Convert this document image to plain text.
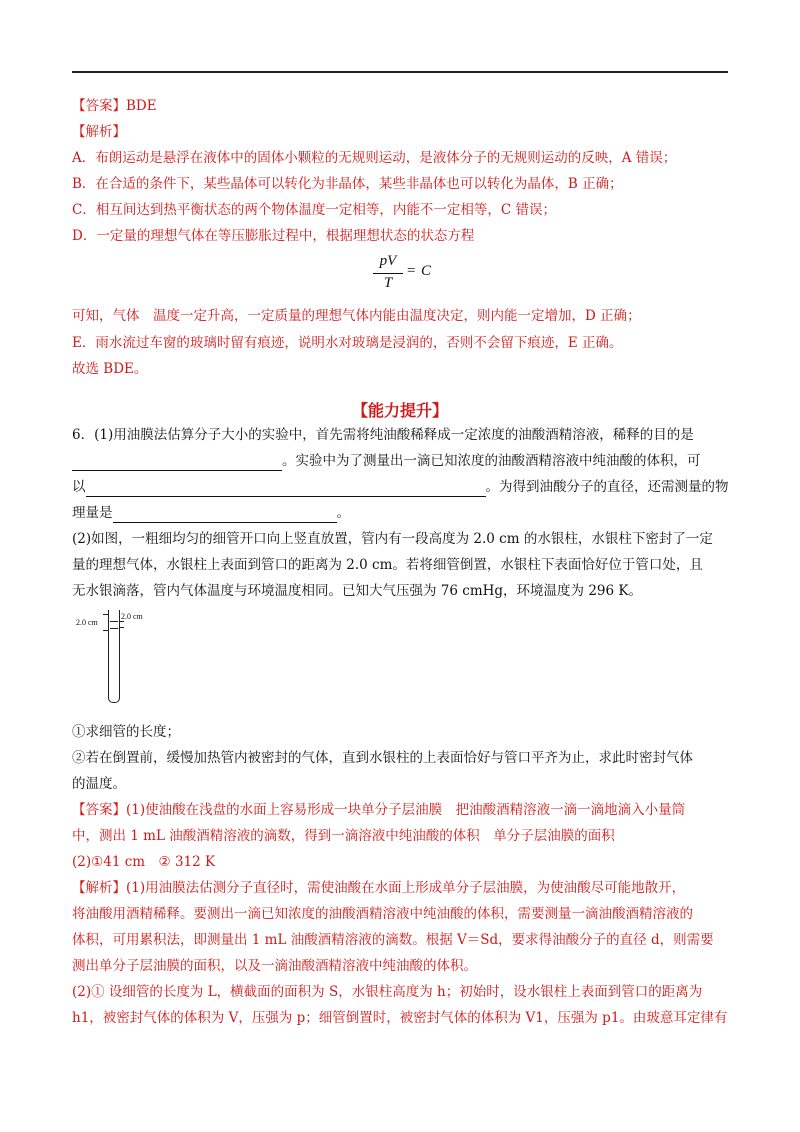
【答案】BDE
【解析】
A．布朗运动是悬浮在液体中的固体小颗粒的无规则运动，是液体分子的无规则运动的反映，A 错误；
B．在合适的条件下，某些晶体可以转化为非晶体，某些非晶体也可以转化为晶体，B 正确；
C．相互间达到热平衡状态的两个物体温度一定相等，内能不一定相等，C 错误；
D．一定量的理想气体在等压膨胀过程中，根据理想状态的状态方程
pV
T
= C
可知，气体　温度一定升高，一定质量的理想气体内能由温度决定，则内能一定增加，D 正确；
E．雨水流过车窗的玻璃时留有痕迹，说明水对玻璃是浸润的，否则不会留下痕迹，E 正确。
故选 BDE。
【能力提升】
6．(1)用油膜法估算分子大小的实验中，首先需将纯油酸稀释成一定浓度的油酸酒精溶液，稀释的目的是
。实验中为了测量出一滴已知浓度的油酸酒精溶液中纯油酸的体积，可
以	。为得到油酸分子的直径，还需测量的物
理量是	。
(2)如图，一粗细均匀的细管开口向上竖直放置，管内有一段高度为 2.0 cm 的水银柱，水银柱下密封了一定
量的理想气体，水银柱上表面到管口的距离为 2.0 cm。若将细管倒置，水银柱下表面恰好位于管口处，且
无水银滴落，管内气体温度与环境温度相同。已知大气压强为 76 cmHg，环境温度为 296 K。
2.0 cm
2.0 cm
①求细管的长度；
②若在倒置前，缓慢加热管内被密封的气体，直到水银柱的上表面恰好与管口平齐为止，求此时密封气体
的温度。
【答案】(1)使油酸在浅盘的水面上容易形成一块单分子层油膜　把油酸酒精溶液一滴一滴地滴入小量筒
中，测出 1 mL 油酸酒精溶液的滴数，得到一滴溶液中纯油酸的体积　单分子层油膜的面积
(2)①41 cm　② 312 K
【解析】(1)用油膜法估测分子直径时，需使油酸在水面上形成单分子层油膜，为使油酸尽可能地散开，
将油酸用酒精稀释。要测出一滴已知浓度的油酸酒精溶液中纯油酸的体积，需要测量一滴油酸酒精溶液的
体积，可用累积法，即测量出 1 mL 油酸酒精溶液的滴数。根据 V＝Sd，要求得油酸分子的直径 d，则需要
测出单分子层油膜的面积，以及一滴油酸酒精溶液中纯油酸的体积。
(2)① 设细管的长度为 L，横截面的面积为 S，水银柱高度为 h；初始时，设水银柱上表面到管口的距离为
h1，被密封气体的体积为 V，压强为 p；细管倒置时，被密封气体的体积为 V1，压强为 p1。由玻意耳定律有
